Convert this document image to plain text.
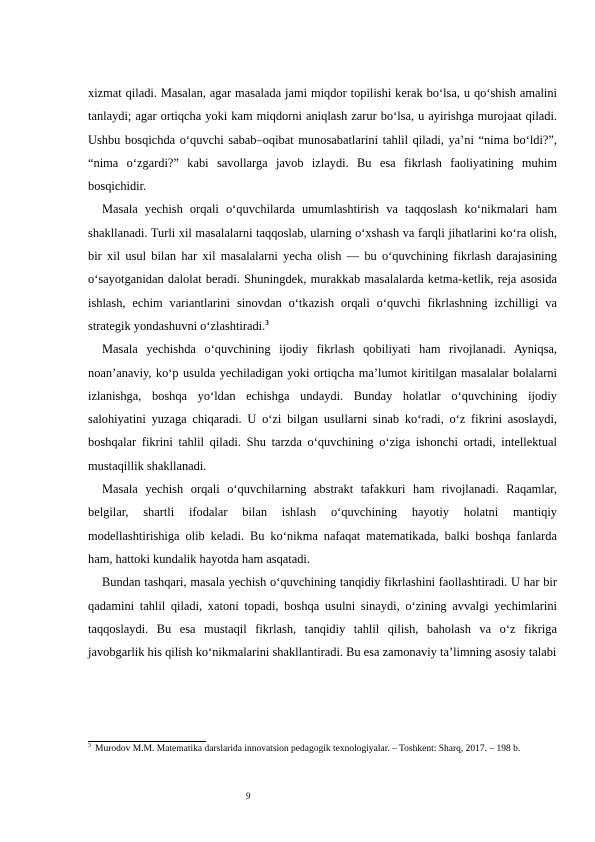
xizmat qiladi. Masalan, agar masalada jami miqdor topilishi kerak bo‘lsa, u qo‘shish amalini tanlaydi; agar ortiqcha yoki kam miqdorni aniqlash zarur bo‘lsa, u ayirishga murojaat qiladi. Ushbu bosqichda o‘quvchi sabab–oqibat munosabatlarini tahlil qiladi, ya’ni “nima bo‘ldi?”, “nima o‘zgardi?” kabi savollarga javob izlaydi. Bu esa fikrlash faoliyatining muhim bosqichidir.

Masala yechish orqali o‘quvchilarda umumlashtirish va taqqoslash ko‘nikmalari ham shakllanadi. Turli xil masalalarni taqqoslab, ularning o‘xshash va farqli jihatlarini ko‘ra olish, bir xil usul bilan har xil masalalarni yecha olish — bu o‘quvchining fikrlash darajasining o‘sayotganidan dalolat beradi. Shuningdek, murakkab masalalarda ketma-ketlik, reja asosida ishlash, echim variantlarini sinovdan o‘tkazish orqali o‘quvchi fikrlashning izchilligi va strategik yondashuvni o‘zlashtiradi.$^3$

Masala yechishda o‘quvchining ijodiy fikrlash qobiliyati ham rivojlanadi. Ayniqsa, noan’anaviy, ko‘p usulda yechiladigan yoki ortiqcha ma’lumot kiritilgan masalalar bolalarni izlanishga, boshqa yo‘ldan echishga undaydi. Bunday holatlar o‘quvchining ijodiy salohiyatini yuzaga chiqaradi. U o‘zi bilgan usullarni sinab ko‘radi, o‘z fikrini asoslaydi, boshqalar fikrini tahlil qiladi. Shu tarzda o‘quvchining o‘ziga ishonchi ortadi, intellektual mustaqillik shakllanadi.

Masala yechish orqali o‘quvchilarning abstrakt tafakkuri ham rivojlanadi. Raqamlar, belgilar, shartli ifodalar bilan ishlash o‘quvchining hayotiy holatni mantiqiy modellashtirishiga olib keladi. Bu ko‘nikma nafaqat matematikada, balki boshqa fanlarda ham, hattoki kundalik hayotda ham asqatadi.

Bundan tashqari, masala yechish o‘quvchining tanqidiy fikrlashini faollashtiradi. U har bir qadamini tahlil qiladi, xatoni topadi, boshqa usulni sinaydi, o‘zining avvalgi yechimlarini taqqoslaydi. Bu esa mustaqil fikrlash, tanqidiy tahlil qilish, baholash va o‘z fikriga javobgarlik his qilish ko‘nikmalarini shakllantiradi. Bu esa zamonaviy ta’limning asosiy talabi

$^3$ Murodov M.M. Matematika darslarida innovatsion pedagogik texnologiyalar. – Toshkent: Sharq, 2017. – 198 b.

9
